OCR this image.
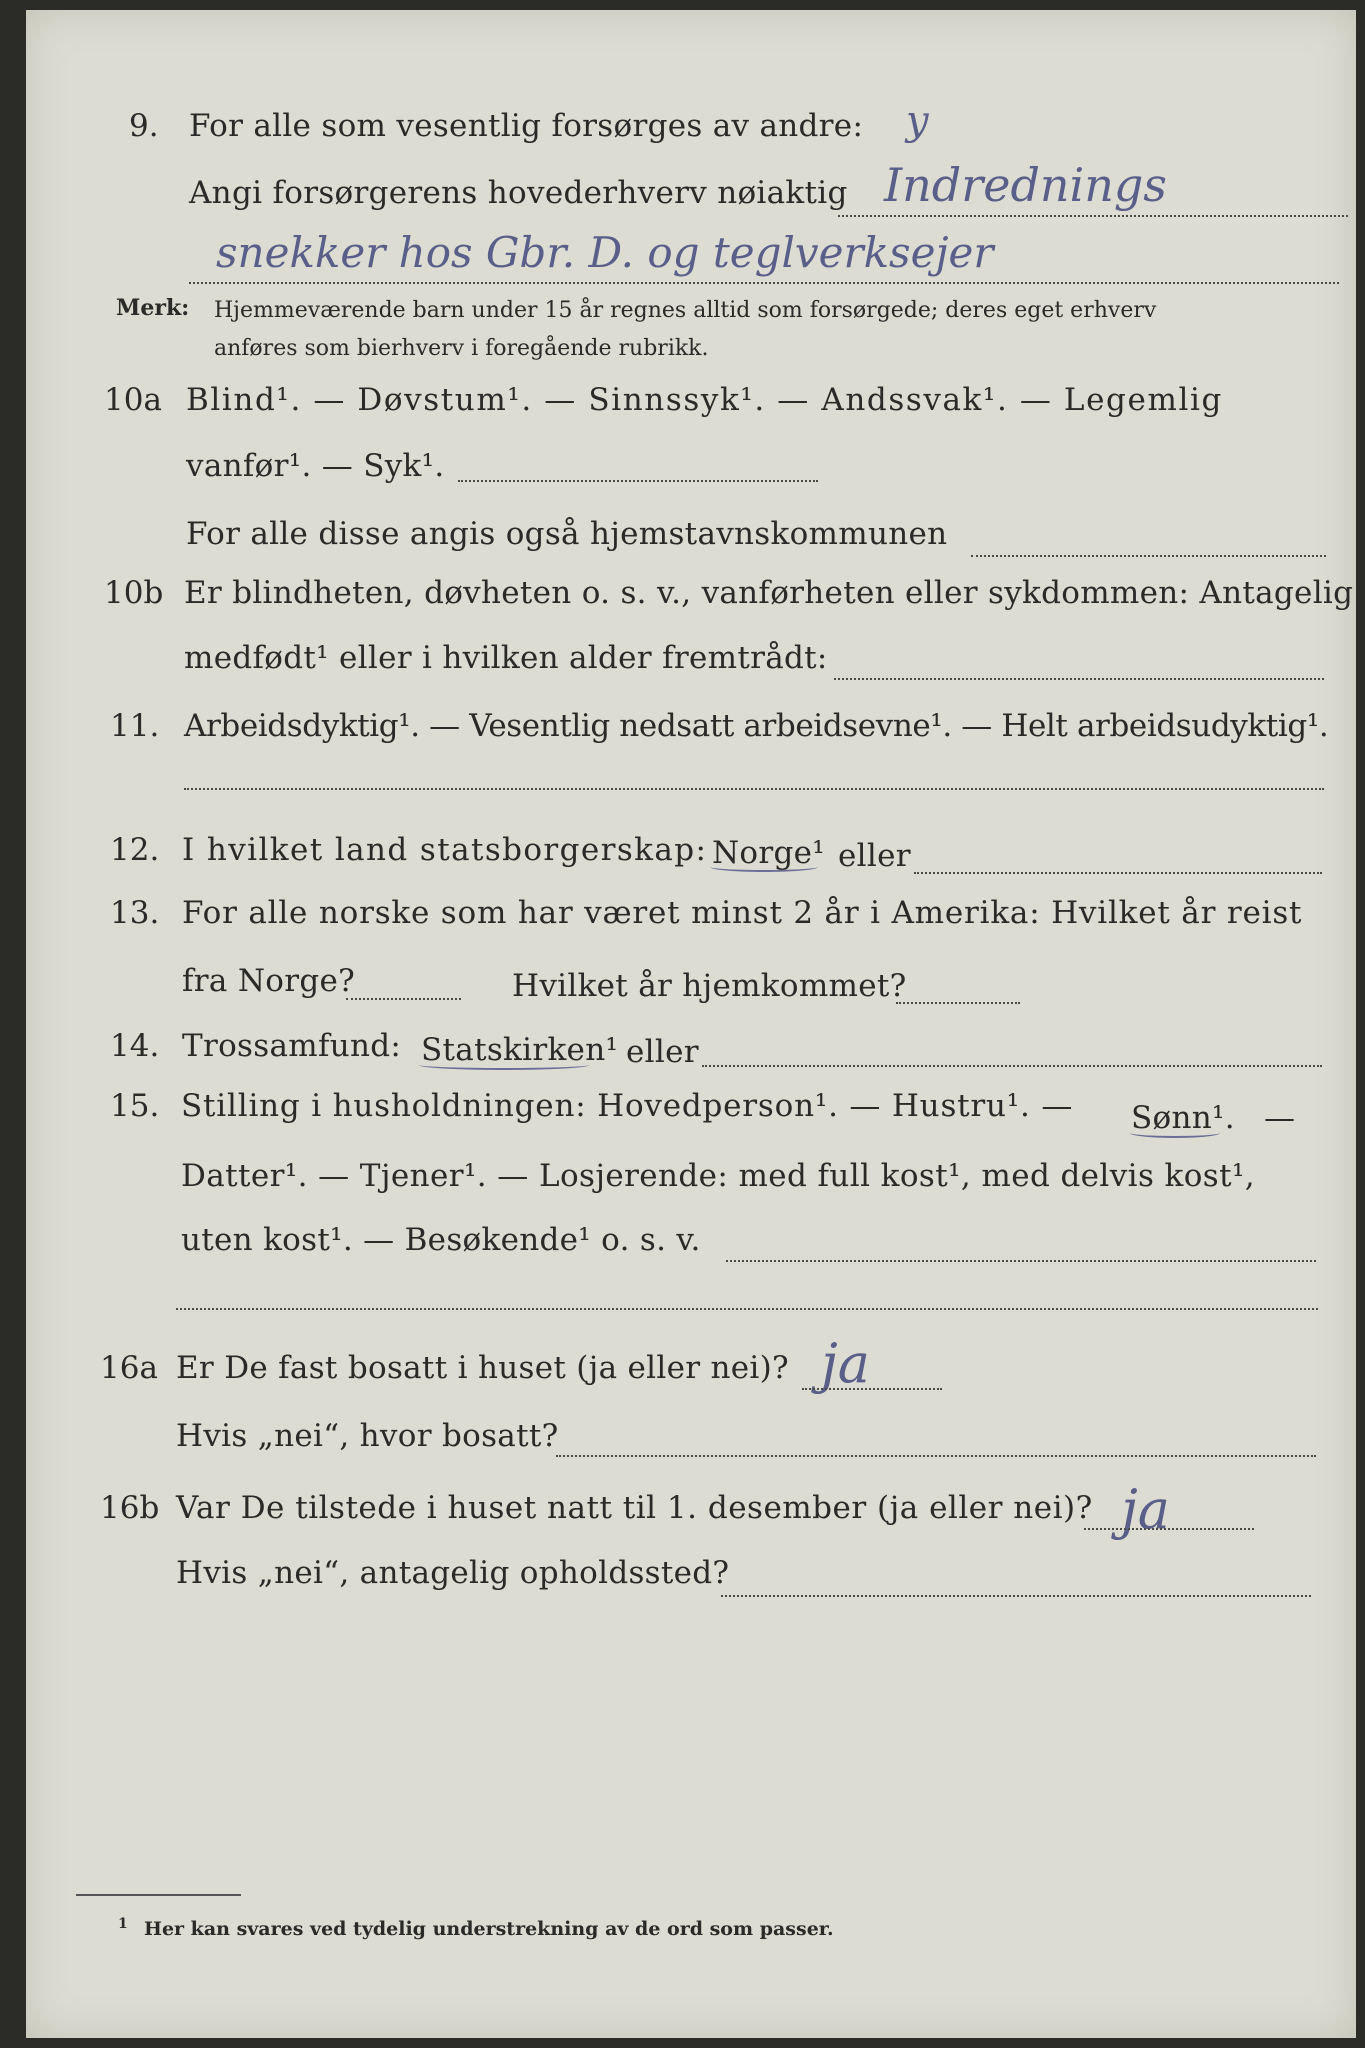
9. For alle som vesentlig forsørges av andre: y
Angi forsørgerens hovederhverv nøiaktig Indrednings
snekker hos Gbr. D. og teglverksejer
Merk: Hjemmeværende barn under 15 år regnes alltid som forsørgede; deres eget erhverv
anføres som bierhverv i foregående rubrikk.
10a Blind¹. — Døvstum¹. — Sinnssyk¹. — Andssvak¹. — Legemlig
vanfør¹. — Syk¹.
For alle disse angis også hjemstavnskommunen
10b Er blindheten, døvheten o. s. v., vanførheten eller sykdommen: Antagelig
medfødt¹ eller i hvilken alder fremtrådt:
11. Arbeidsdyktig¹. — Vesentlig nedsatt arbeidsevne¹. — Helt arbeidsudyktig¹.
12. I hvilket land statsborgerskap: Norge¹ eller
13. For alle norske som har været minst 2 år i Amerika: Hvilket år reist
fra Norge?	Hvilket år hjemkommet?
14. Trossamfund: Statskirken¹ eller
15. Stilling i husholdningen: Hovedperson¹. — Hustru¹. — Sønn¹. —
Datter¹. — Tjener¹. — Losjerende: med full kost¹, med delvis kost¹,
uten kost¹. — Besøkende¹ o. s. v.
16a Er De fast bosatt i huset (ja eller nei)? ja
Hvis „nei“, hvor bosatt?
16b Var De tilstede i huset natt til 1. desember (ja eller nei)? ja
Hvis „nei“, antagelig opholdssted?
1 Her kan svares ved tydelig understrekning av de ord som passer.
